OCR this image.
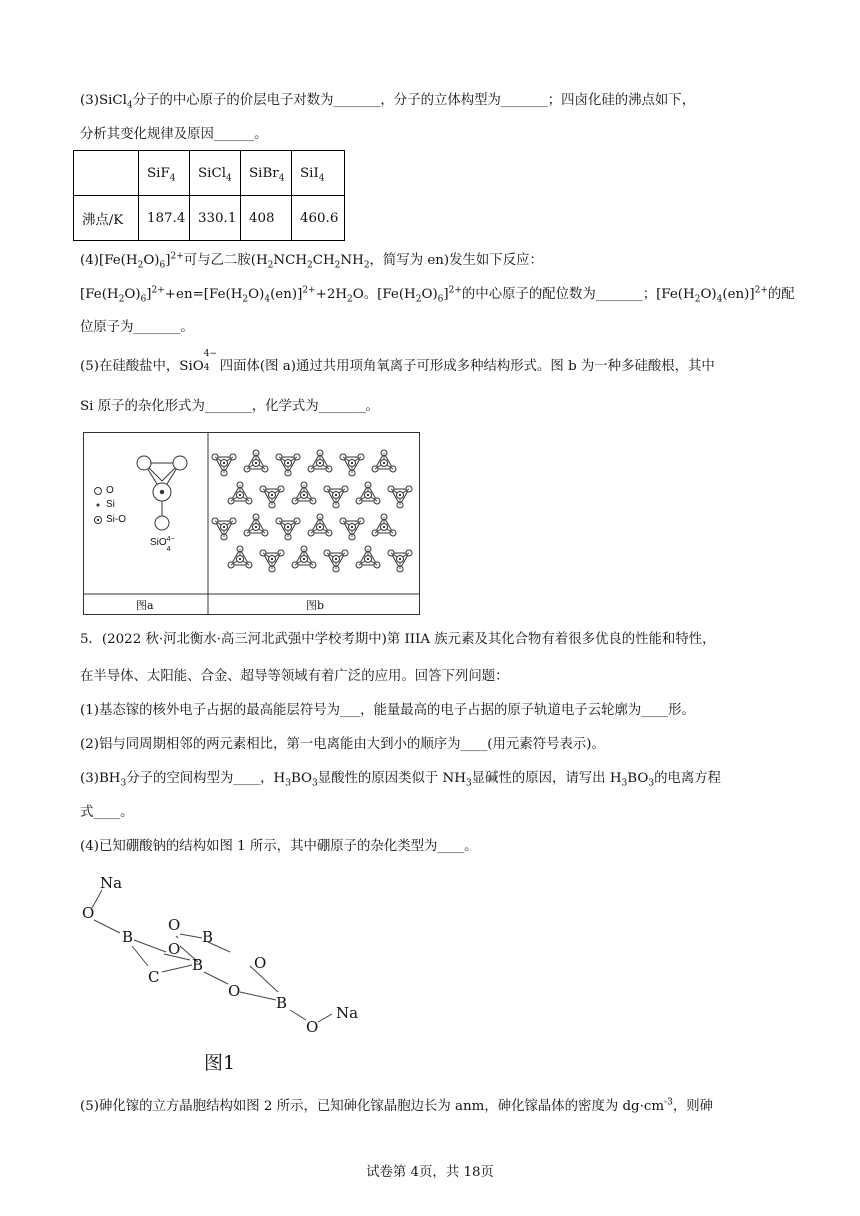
(3)SiCl$_4$分子的中心原子的价层电子对数为_______，分子的立体构型为_______；四卤化硅的沸点如下，
分析其变化规律及原因______。
	SiF$_4$	SiCl$_4$	SiBr$_4$	SiI$_4$
沸点/K	187.4	330.1	408	460.6
$(4)[Fe(H_2O)_6]^{2+}$可与乙二胺($H_2NCH_2CH_2NH_2$，简写为 en)发生如下反应：
$[Fe(H_2O)_6]^{2+}+en=[Fe(H_2O)_4(en)]^{2+}+2H_2O$。$[Fe(H_2O)_6]^{2+}$的中心原子的配位数为_______；$[Fe(H_2O)_4(en)]^{2+}$的配
位原子为_______。
(5)在硅酸盐中，SiO
4−
4 四面体(图 a)通过共用项角氧离子可形成多种结构形式。图 b 为一种多硅酸根，其中
Si 原子的杂化形式为_______，化学式为_______。
O
Si
Si-O
SiO 4−
4
图a	图b
5．(2022 秋·河北衡水·高三河北武强中学校考期中)第 IIIA 族元素及其化合物有着很多优良的性能和特性，
在半导体、太阳能、合金、超导等领域有着广泛的应用。回答下列问题：
(1)基态镓的核外电子占据的最高能层符号为___，能量最高的电子占据的原子轨道电子云轮廓为____形。
(2)铝与同周期相邻的两元素相比，第一电离能由大到小的顺序为____(用元素符号表示)。
$(3)BH_3$分子的空间构型为____，$H_3BO_3$显酸性的原因类似于 $NH_3$显碱性的原因，请写出 $H_3BO_3$的电离方程
式____。
(4)已知硼酸钠的结构如图 1 所示，其中硼原子的杂化类型为____。
Na
O
B
O
O
B
B
C
O
O
B
O
Na
图1
(5)砷化镓的立方晶胞结构如图 2 所示，已知砷化镓晶胞边长为 anm，砷化镓晶体的密度为 $dg\cdot cm^{-3}$，则砷
试卷第 4页，共 18页
